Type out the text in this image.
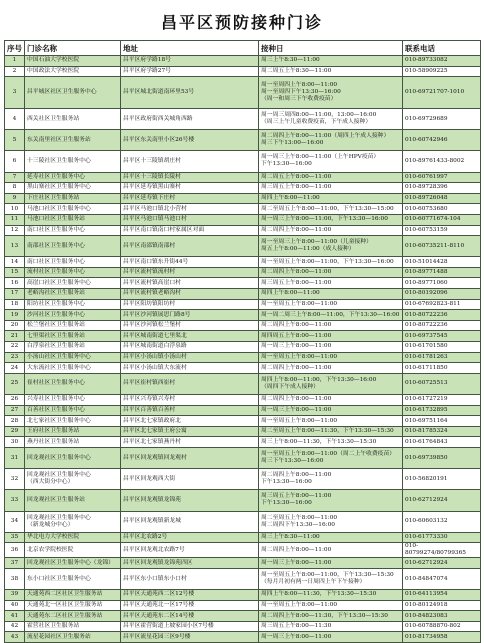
昌平区预防接种门诊
序号	门诊名称	地址	接种日	联系电话
1	中国石油大学校医院	昌平区府学路18号	周三上午8:30—11:00	010-89733082
2	中国政法大学校医院	昌平区府学路27号	周二周五上午8:30—11:00	010-58909225
3	昌平城区社区卫生服务中心	昌平区城北街道南环里53号	周一至周四上午8:00—11:00
周一至周四下午13:30—16:00
（周一和周三下午收费疫苗）	010-69721707-1010
4	西关社区卫生服务站	昌平区政府街西关城角西路	周一周三周四8:00—11:00，13:00—16:00
（周三上午儿童收费疫苗，下午成人接种）	010-69729689
5	东关南里社区卫生服务站	昌平区东关南里小区26号楼	周二周四上午8:00—11:00（周四上午成人接种）
周三下午13:00—16:00	010-60742946
6	十三陵社区卫生服务中心	昌平区十三陵镇胡庄村	周一周三上午8:00—11:00（上午HPV疫苗）
下午13:30—16:00	010-89761433-8002
7	延寿社区卫生服务中心	昌平区十三陵镇长陵村	周二周五上午8:00—11:00	010-60761997
8	黑山寨社区卫生服务中心	昌平区延寿镇黑山寨村	周三周五上午8:00—11:00	010-89728396
9	下庄社区卫生服务站	昌平区延寿镇下庄村	周四上午8:00—11:00	010-89726048
10	马池口社区卫生服务中心	昌平区马池口镇北小营村	周二至周五上午8:00—11:00，下午13:30—15:00	010-60753680
11	马池口社区卫生服务站	昌平区马池口镇马池口村	周一周三上午8:00—11:00，下午13:30—16:00	010-60771674-104
12	南口社区卫生服务中心	昌平区南口镇南口村家属区对面	周二周四上午8:00—11:00	010-60753159
13	南邵社区卫生服务中心	昌平区南邵镇南邵村	周一至周三上午8:00—11:00（儿童接种）
周五上午8:00—11:00（成人接种）	010-60735211-8110
14	南口社区卫生服务中心	昌平区南口镇东升街44号	周一至周五上午8:00—11:00，下午13:30—16:00	010-51014428
15	流村社区卫生服务中心	昌平区流村镇流村村	周二周四上午8:00—11:00	010-89771488
16	高崖口社区卫生服务中心	昌平区流村镇高崖口村	周三周五上午8:00—11:00	010-89771060
17	老峪沟社区卫生服务站	昌平区流村镇老峪沟村	周四上午8:00—11:00	010-80192096
18	阳坊社区卫生服务中心	昌平区阳坊镇阳坊村	周一至周五上午8:00—11:00	010-67692823-811
19	沙河社区卫生服务中心	昌平区沙河镇展思门路8号	周一周二周三上午8:00—11:00，下午13:30—16:00	010-80722236
20	松兰堡社区卫生服务站	昌平区沙河镇松兰堡村	周二周四上午8:00—11:00	010-80722236
21	七里渠社区卫生服务站	昌平区城南街道七里渠北	周四周五上午8:00—11:00	010-69737545
22	白浮泉社区卫生服务站	昌平区城南街道白浮泉路	周一周三上午8:00—11:00	010-61701580
23	小汤山社区卫生服务中心	昌平区小汤山镇小汤山村	周一至周五上午8:00—11:00	010-61781263
24	大东流社区卫生服务中心	昌平区小汤山镇大东流村	周二周四上午8:00—11:00	010-61711850
25	崔村社区卫生服务中心	昌平区崔村镇西崔村	周四上午8:00—11:00，下午13:30—16:00
（周四下午成人接种）	010-60725513
26	兴寿社区卫生服务中心	昌平区兴寿镇兴寿村	周二周四上午8:00—11:00	010-61727219
27	百善社区卫生服务中心	昌平区百善镇百善村	周一周三上午8:00—11:00	010-61732895
28	北七家社区卫生服务中心	昌平区北七家镇政府北	周一至周五上午8:00—11:00	010-69751164
29	王府社区卫生服务站	昌平区北七家镇王府公寓	周二至周五上午8:00—11:30，下午13:30—15:30	010-81785324
30	燕丹社区卫生服务站	昌平区北七家镇燕丹村	周三上午8:00—11:30，下午13:30—15:30	010-61764843
31	回龙观社区卫生服务中心	昌平区回龙观镇回龙观村	周一至周五上午8:00—11:00（周二上午收费疫苗）
周三下午13:30—16:00	010-69739850
32	回龙观社区卫生服务中心
（西大街分中心）	昌平区回龙观西大街	周二周四上午8:00—11:00
下午13:30—16:00	010-56820191
33	回龙观社区卫生服务站	昌平区回龙观镇龙锦苑	周三周五上午8:00—11:00
下午13:30—16:00	010-62712924
34	回龙观社区卫生服务中心
（新龙城分中心）	昌平区回龙观镇新龙城	周二至周五上午8:00—11:00
周二周四下午13:30—16:00	010-60603132
35	华北电力大学校医院	昌平区北农路2号	周三上午8:30—11:00	010-61773330
36	北京农学院校医院	昌平区回龙观北农路7号	周二周四上午8:00—11:00	010-80799274/80799365
37	回龙观社区卫生服务中心（龙锦）	昌平区回龙观镇龙锦苑四区	周一周三上午8:00—11:00	010-62712924
38	东小口社区卫生服务中心	昌平区东小口镇东小口村	周一至周五上午8:00—11:00，下午13:30—15:30
（每月月初有两一日周四上午下午接种）	010-84847074
39	天通苑西二区社区卫生服务站	昌平区天通苑西二区12号楼	周四上午8:00—11:30，下午13:30—15:30	010-64113954
40	天通苑北一区社区卫生服务站	昌平区天通苑北一区17号楼	周一至周五上午8:00—11:00	010-80124918
41	天通苑东二区社区卫生服务站	昌平区天通苑东二区14号楼	周二周四上午8:00—11:30，下午13:30—15:30	010-84823083
42	霍营社区卫生服务站	昌平区霍营街道上坡家园小区7号楼	周三周五上午8:00—11:30	010-60788870-802
43	流星花园社区卫生服务站	昌平区流星花园三区9号楼	周一周三上午8:00—11:00	010-81734958
